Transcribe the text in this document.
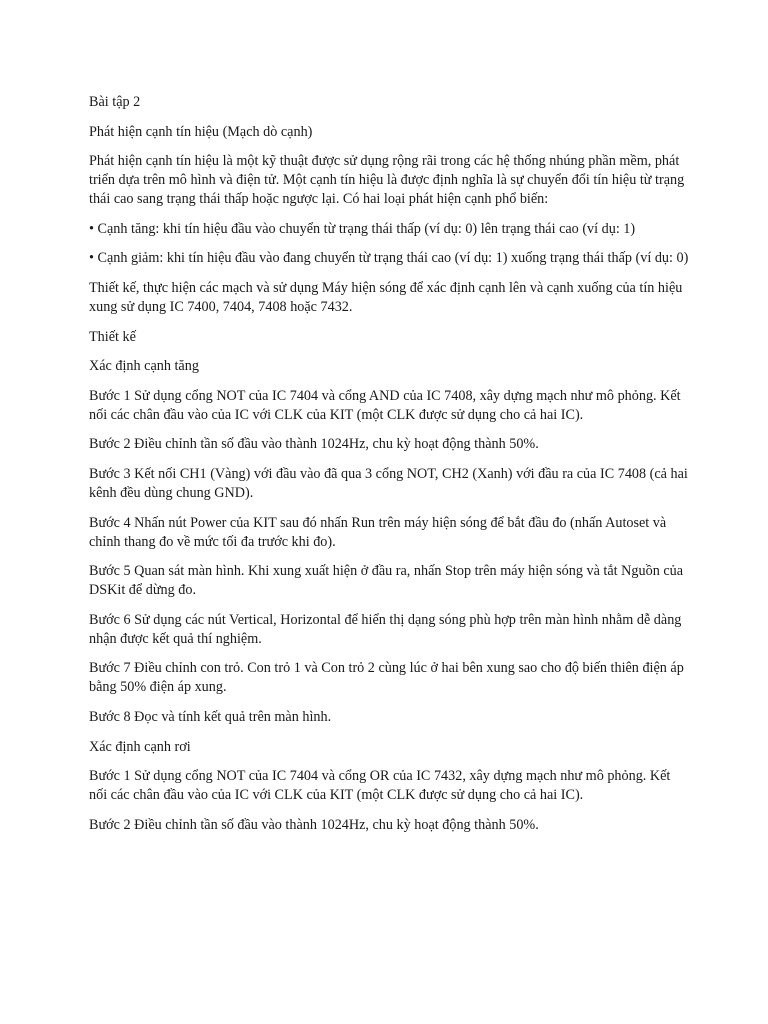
Bài tập 2

Phát hiện cạnh tín hiệu (Mạch dò cạnh)

Phát hiện cạnh tín hiệu là một kỹ thuật được sử dụng rộng rãi trong các hệ thống nhúng phần mềm, phát triển dựa trên mô hình và điện tử. Một cạnh tín hiệu là được định nghĩa là sự chuyển đổi tín hiệu từ trạng thái cao sang trạng thái thấp hoặc ngược lại. Có hai loại phát hiện cạnh phổ biến:

• Cạnh tăng: khi tín hiệu đầu vào chuyển từ trạng thái thấp (ví dụ: 0) lên trạng thái cao (ví dụ: 1)

• Cạnh giảm: khi tín hiệu đầu vào đang chuyển từ trạng thái cao (ví dụ: 1) xuống trạng thái thấp (ví dụ: 0)

Thiết kế, thực hiện các mạch và sử dụng Máy hiện sóng để xác định cạnh lên và cạnh xuống của tín hiệu xung sử dụng IC 7400, 7404, 7408 hoặc 7432.

Thiết kế

Xác định cạnh tăng

Bước 1 Sử dụng cổng NOT của IC 7404 và cổng AND của IC 7408, xây dựng mạch như mô phỏng. Kết nối các chân đầu vào của IC với CLK của KIT (một CLK được sử dụng cho cả hai IC).

Bước 2 Điều chỉnh tần số đầu vào thành 1024Hz, chu kỳ hoạt động thành 50%.

Bước 3 Kết nối CH1 (Vàng) với đầu vào đã qua 3 cổng NOT, CH2 (Xanh) với đầu ra của IC 7408 (cả hai kênh đều dùng chung GND).

Bước 4 Nhấn nút Power của KIT sau đó nhấn Run trên máy hiện sóng để bắt đầu đo (nhấn Autoset và chỉnh thang đo về mức tối đa trước khi đo).

Bước 5 Quan sát màn hình. Khi xung xuất hiện ở đầu ra, nhấn Stop trên máy hiện sóng và tắt Nguồn của DSKit để dừng đo.

Bước 6 Sử dụng các nút Vertical, Horizontal để hiển thị dạng sóng phù hợp trên màn hình nhằm dễ dàng nhận được kết quả thí nghiệm.

Bước 7 Điều chỉnh con trỏ. Con trỏ 1 và Con trỏ 2 cùng lúc ở hai bên xung sao cho độ biến thiên điện áp bằng 50% điện áp xung.

Bước 8 Đọc và tính kết quả trên màn hình.

Xác định cạnh rơi

Bước 1 Sử dụng cổng NOT của IC 7404 và cổng OR của IC 7432, xây dựng mạch như mô phỏng. Kết nối các chân đầu vào của IC với CLK của KIT (một CLK được sử dụng cho cả hai IC).

Bước 2 Điều chỉnh tần số đầu vào thành 1024Hz, chu kỳ hoạt động thành 50%.
